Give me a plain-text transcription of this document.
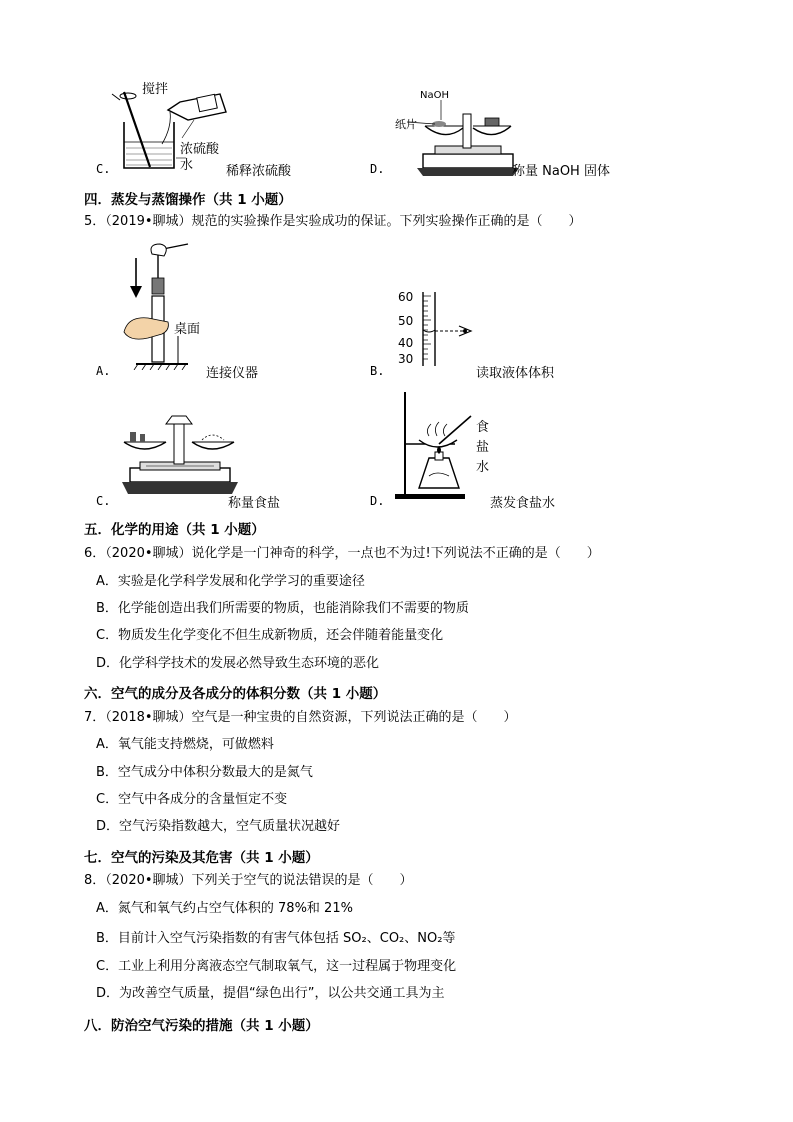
搅拌
浓硫酸
水
C.	稀释浓硫酸
NaOH
纸片
D.	称量 NaOH 固体
四．蒸发与蒸馏操作（共 1 小题）
5．（2019•聊城）规范的实验操作是实验成功的保证。下列实验操作正确的是（　　）
桌面
A.	连接仪器
60
50
40
30
B.	读取液体体积
C.	称量食盐
食
盐
水
D.	蒸发食盐水
五．化学的用途（共 1 小题）
6．（2020•聊城）说化学是一门神奇的科学，一点也不为过!下列说法不正确的是（　　）
A．实验是化学科学发展和化学学习的重要途径
B．化学能创造出我们所需要的物质，也能消除我们不需要的物质
C．物质发生化学变化不但生成新物质，还会伴随着能量变化
D．化学科学技术的发展必然导致生态环境的恶化
六．空气的成分及各成分的体积分数（共 1 小题）
7．（2018•聊城）空气是一种宝贵的自然资源，下列说法正确的是（　　）
A．氧气能支持燃烧，可做燃料
B．空气成分中体积分数最大的是氮气
C．空气中各成分的含量恒定不变
D．空气污染指数越大，空气质量状况越好
七．空气的污染及其危害（共 1 小题）
8．（2020•聊城）下列关于空气的说法错误的是（　　）
A．氮气和氧气约占空气体积的 78%和 21%
B．目前计入空气污染指数的有害气体包括 SO₂、CO₂、NO₂等
C．工业上利用分离液态空气制取氧气，这一过程属于物理变化
D．为改善空气质量，提倡“绿色出行”，以公共交通工具为主
八．防治空气污染的措施（共 1 小题）
